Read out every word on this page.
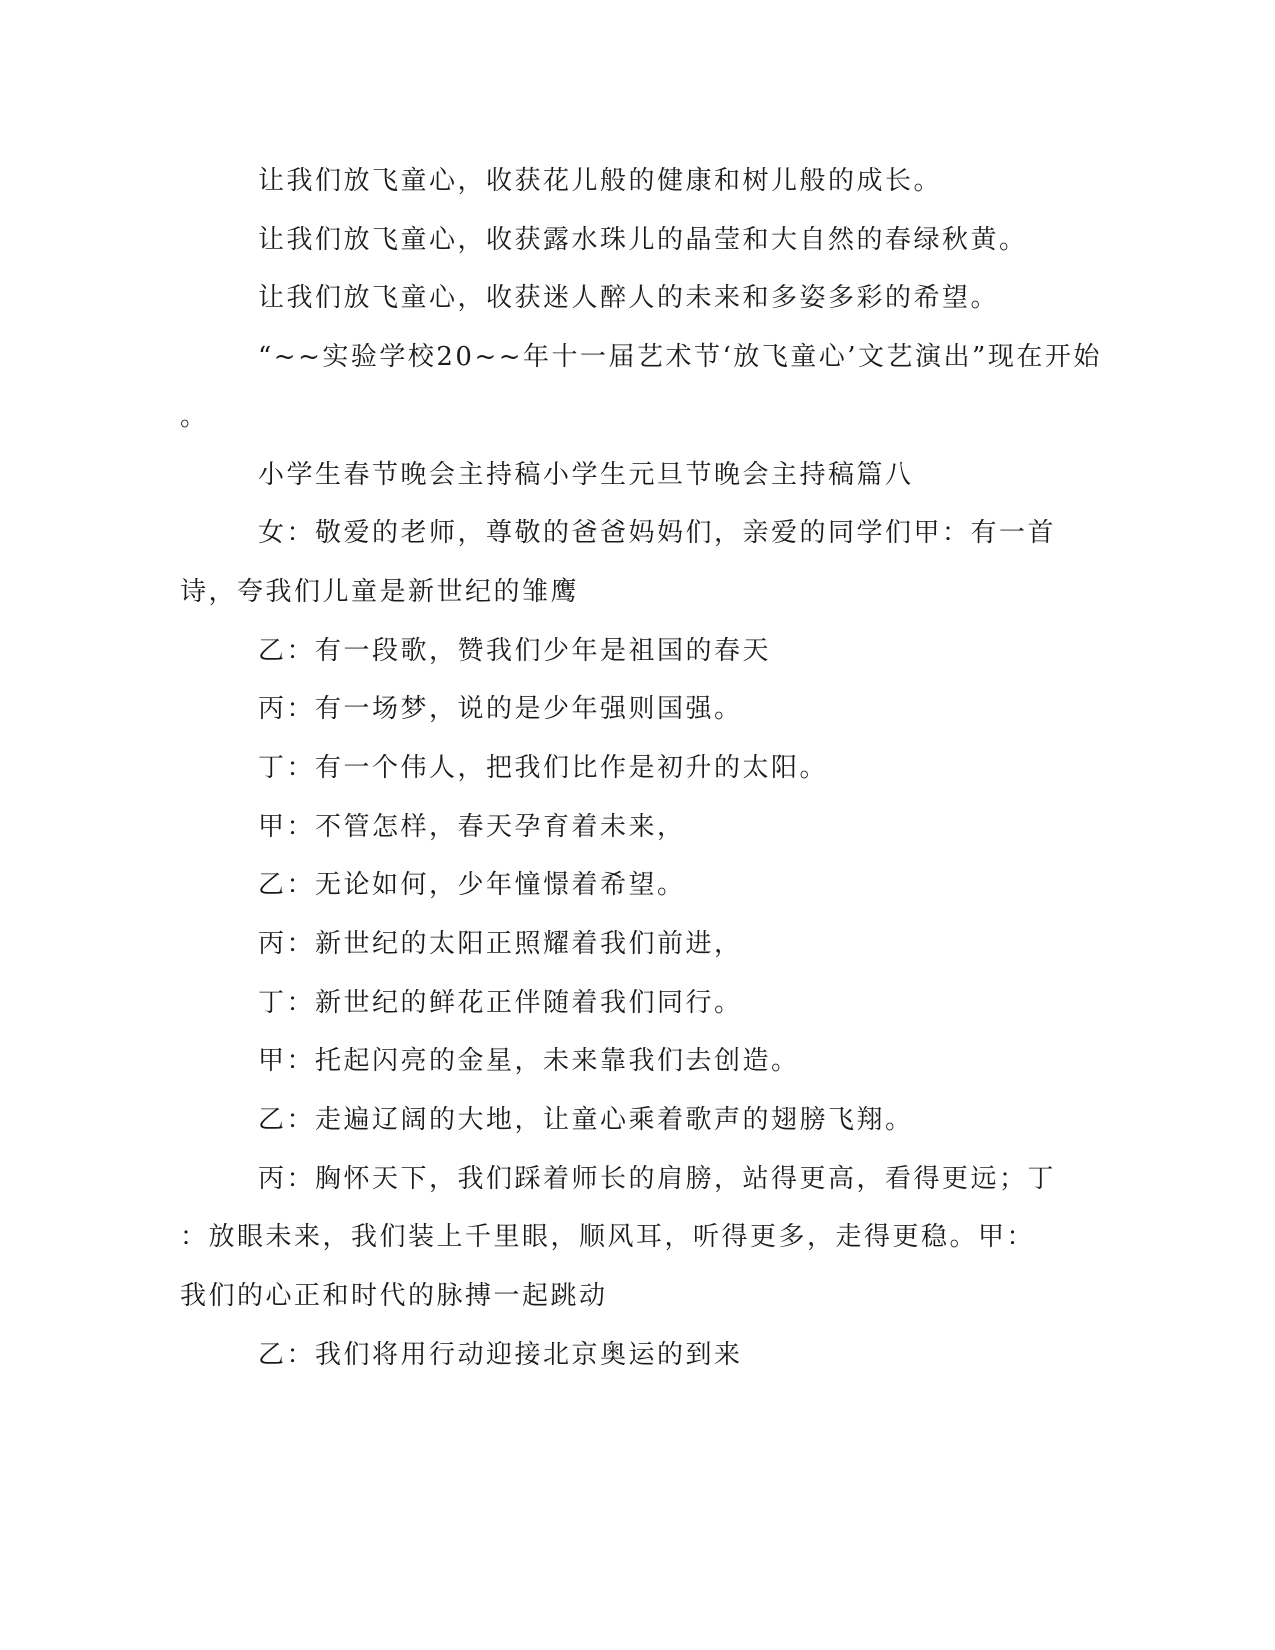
让我们放飞童心，收获花儿般的健康和树儿般的成长。
让我们放飞童心，收获露水珠儿的晶莹和大自然的春绿秋黄。
让我们放飞童心，收获迷人醉人的未来和多姿多彩的希望。
“~~实验学校20~~年十一届艺术节‘放飞童心’文艺演出”现在开始
。
小学生春节晚会主持稿小学生元旦节晚会主持稿篇八
女：敬爱的老师，尊敬的爸爸妈妈们，亲爱的同学们甲：有一首
诗，夸我们儿童是新世纪的雏鹰
乙：有一段歌，赞我们少年是祖国的春天
丙：有一场梦，说的是少年强则国强。
丁：有一个伟人，把我们比作是初升的太阳。
甲：不管怎样，春天孕育着未来，
乙：无论如何，少年憧憬着希望。
丙：新世纪的太阳正照耀着我们前进，
丁：新世纪的鲜花正伴随着我们同行。
甲：托起闪亮的金星，未来靠我们去创造。
乙：走遍辽阔的大地，让童心乘着歌声的翅膀飞翔。
丙：胸怀天下，我们踩着师长的肩膀，站得更高，看得更远；丁
：放眼未来，我们装上千里眼，顺风耳，听得更多，走得更稳。甲：
我们的心正和时代的脉搏一起跳动
乙：我们将用行动迎接北京奥运的到来
